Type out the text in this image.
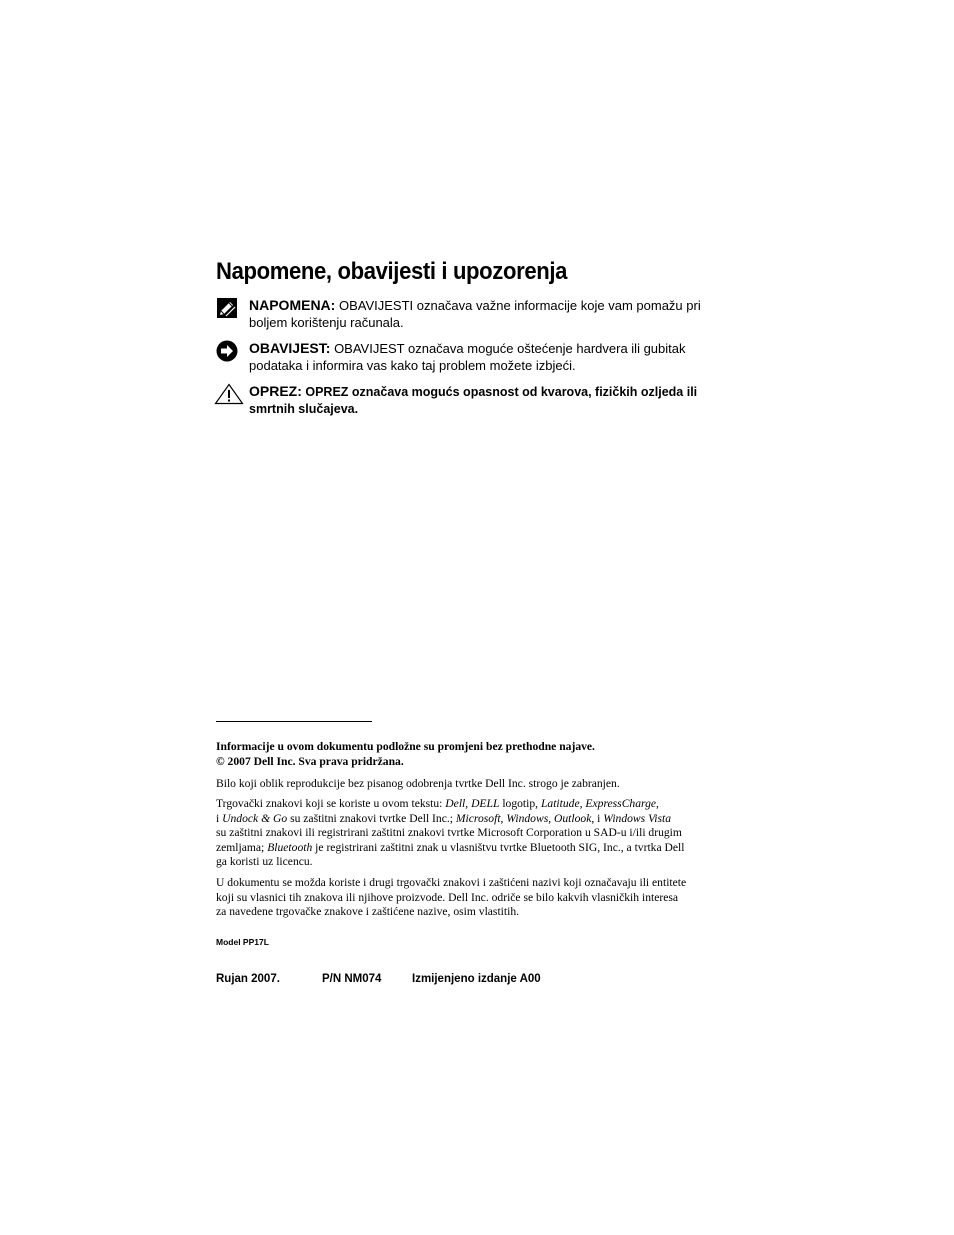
Napomene, obavijesti i upozorenja
NAPOMENA: OBAVIJESTI označava važne informacije koje vam pomažu pri
boljem korištenju računala.
OBAVIJEST: OBAVIJEST označava moguće oštećenje hardvera ili gubitak
podataka i informira vas kako taj problem možete izbjeći.
OPREZ: OPREZ označava mogućs opasnost od kvarova, fizičkih ozljeda ili
smrtnih slučajeva.
Informacije u ovom dokumentu podložne su promjeni bez prethodne najave.
© 2007 Dell Inc. Sva prava pridržana.
Bilo koji oblik reprodukcije bez pisanog odobrenja tvrtke Dell Inc. strogo je zabranjen.
Trgovački znakovi koji se koriste u ovom tekstu: Dell, DELL logotip, Latitude, ExpressCharge,
i Undock & Go su zaštitni znakovi tvrtke Dell Inc.; Microsoft, Windows, Outlook, i Windows Vista
su zaštitni znakovi ili registrirani zaštitni znakovi tvrtke Microsoft Corporation u SAD-u i/ili drugim
zemljama; Bluetooth je registrirani zaštitni znak u vlasništvu tvrtke Bluetooth SIG, Inc., a tvrtka Dell
ga koristi uz licencu.
U dokumentu se možda koriste i drugi trgovački znakovi i zaštićeni nazivi koji označavaju ili entitete
koji su vlasnici tih znakova ili njihove proizvode. Dell Inc. odriče se bilo kakvih vlasničkih interesa
za navedene trgovačke znakove i zaštićene nazive, osim vlastitih.
Model PP17L
Rujan 2007.	P/N NM074	Izmijenjeno izdanje A00
